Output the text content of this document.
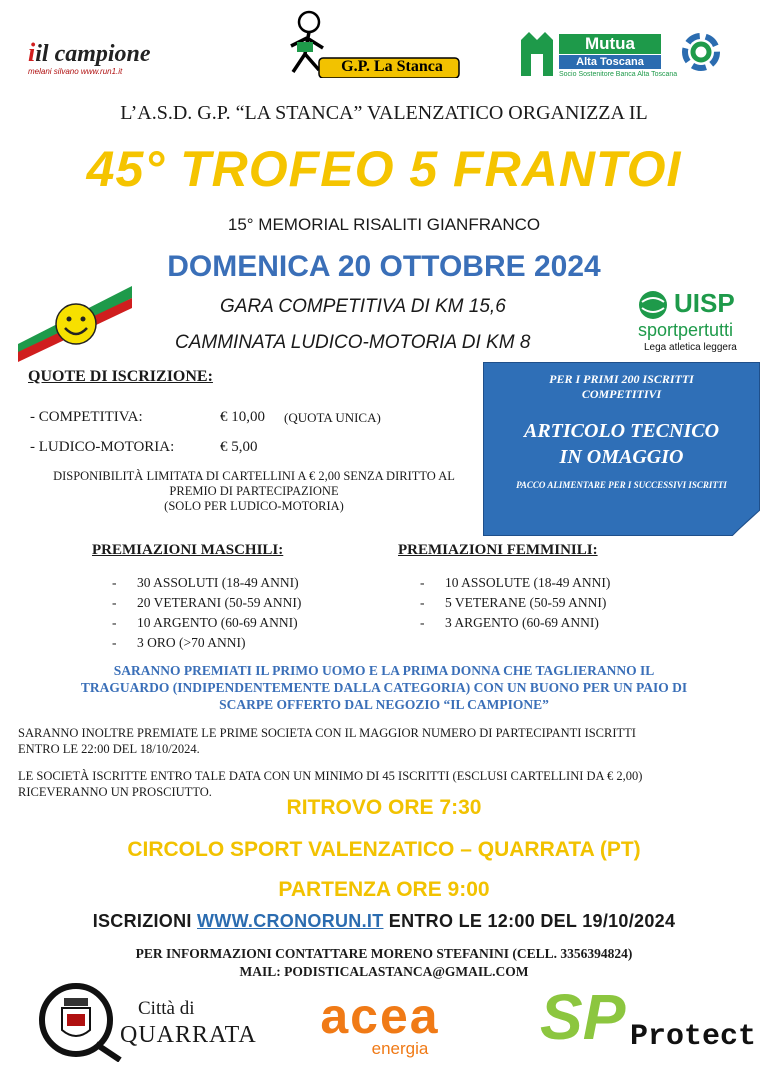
iil campione
melani silvano www.run1.it	G.P. La Stanca
Mutua
Alta Toscana
Socio Sostenitore Banca Alta Toscana
L’A.S.D. G.P. “LA STANCA” VALENZATICO ORGANIZZA IL
45° TROFEO 5 FRANTOI
15° MEMORIAL RISALITI GIANFRANCO
DOMENICA 20 OTTOBRE 2024
GARA COMPETITIVA DI KM 15,6
CAMMINATA LUDICO-MOTORIA DI KM 8
UISP
sportpertutti
Lega atletica leggera
QUOTE DI ISCRIZIONE:
- COMPETITIVA:	€ 10,00 (QUOTA UNICA)
- LUDICO-MOTORIA:	€ 5,00
DISPONIBILITÀ LIMITATA DI CARTELLINI A € 2,00 SENZA DIRITTO AL
PREMIO DI PARTECIPAZIONE
(SOLO PER LUDICO-MOTORIA)
PER I PRIMI 200 ISCRITTI
COMPETITIVI
ARTICOLO TECNICO
IN OMAGGIO
PACCO ALIMENTARE PER I SUCCESSIVI ISCRITTI
PREMIAZIONI MASCHILI:	PREMIAZIONI FEMMINILI:
- 30 ASSOLUTI (18-49 ANNI)
- 20 VETERANI (50-59 ANNI)
- 10 ARGENTO (60-69 ANNI)
- 3 ORO (>70 ANNI)
- 10 ASSOLUTE (18-49 ANNI)
- 5 VETERANE (50-59 ANNI)
- 3 ARGENTO (60-69 ANNI)
SARANNO PREMIATI IL PRIMO UOMO E LA PRIMA DONNA CHE TAGLIERANNO IL
TRAGUARDO (INDIPENDENTEMENTE DALLA CATEGORIA) CON UN BUONO PER UN PAIO DI
SCARPE OFFERTO DAL NEGOZIO “IL CAMPIONE”
SARANNO INOLTRE PREMIATE LE PRIME SOCIETA CON IL MAGGIOR NUMERO DI PARTECIPANTI ISCRITTI
ENTRO LE 22:00 DEL 18/10/2024.
LE SOCIETÀ ISCRITTE ENTRO TALE DATA CON UN MINIMO DI 45 ISCRITTI (ESCLUSI CARTELLINI DA € 2,00)
RICEVERANNO UN PROSCIUTTO.
RITROVO ORE 7:30
CIRCOLO SPORT VALENZATICO – QUARRATA (PT)
PARTENZA ORE 9:00
ISCRIZIONI WWW.CRONORUN.IT ENTRO LE 12:00 DEL 19/10/2024
PER INFORMAZIONI CONTATTARE MORENO STEFANINI (CELL. 3356394824)
MAIL: PODISTICALASTANCA@GMAIL.COM
Città di
QUARRATA	acea
energia	SP Protect
